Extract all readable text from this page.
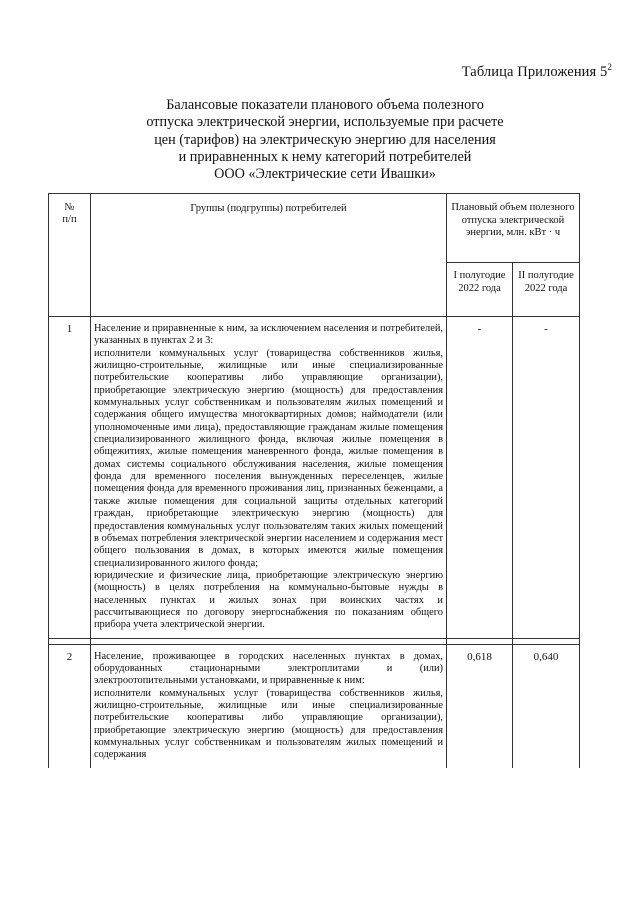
Таблица Приложения $5^2$
Балансовые показатели планового объема полезного
отпуска электрической энергии, используемые при расчете
цен (тарифов) на электрическую энергию для населения
и приравненных к нему категорий потребителей
ООО «Электрические сети Ивашки»
№
п/п	Группы (подгруппы) потребителей	Плановый объем полезного отпуска электрической энергии, млн. кВт · ч	
		I полугодие 2022 года	II полугодие 2022 года
1	Население и приравненные к ним, за исключением населения и потребителей, указанных в пунктах 2 и 3:

исполнители коммунальных услуг (товарищества собственников жилья, жилищно-строительные, жилищные или иные специализированные потребительские кооперативы либо управляющие организации), приобретающие электрическую энергию (мощность) для предоставления коммунальных услуг собственникам и пользователям жилых помещений и содержания общего имущества многоквартирных домов; наймодатели (или уполномоченные ими лица), предоставляющие гражданам жилые помещения специализированного жилищного фонда, включая жилые помещения в общежитиях, жилые помещения маневренного фонда, жилые помещения в домах системы социального обслуживания населения, жилые помещения фонда для временного поселения вынужденных переселенцев, жилые помещения фонда для временного проживания лиц, признанных беженцами, а также жилые помещения для социальной защиты отдельных категорий граждан, приобретающие электрическую энергию (мощность) для предоставления коммунальных услуг пользователям таких жилых помещений в объемах потребления электрической энергии населением и содержания мест общего пользования в домах, в которых имеются жилые помещения специализированного жилого фонда;

юридические и физические лица, приобретающие электрическую энергию (мощность) в целях потребления на коммунально-бытовые нужды в населенных пунктах и жилых зонах при воинских частях и рассчитывающиеся по договору энергоснабжения по показаниям общего прибора учета электрической энергии.	-	-

2	Население, проживающее в городских населенных пунктах в домах, оборудованных стационарными электроплитами и (или) электроотопительными установками, и приравненные к ним:

исполнители коммунальных услуг (товарищества собственников жилья, жилищно-строительные, жилищные или иные специализированные потребительские кооперативы либо управляющие организации), приобретающие электрическую энергию (мощность) для предоставления коммунальных услуг собственникам и пользователям жилых помещений и содержания	0,618	0,640
